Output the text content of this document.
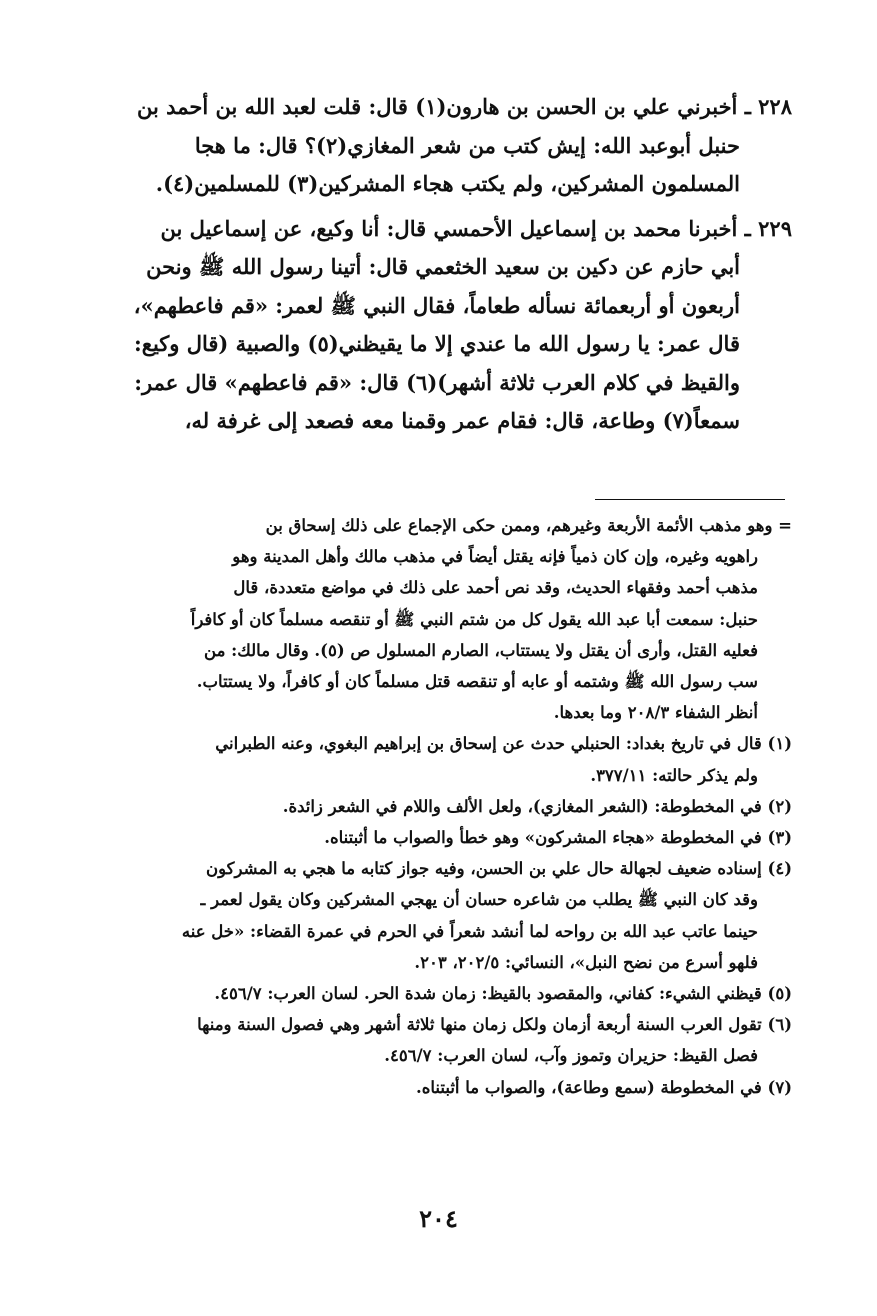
٢٢٨ ـ أخبرني علي بن الحسن بن هارون(١) قال: قلت لعبد الله بن أحمد بن
حنبل أبوعبد الله: إيش كتب من شعر المغازي(٢)؟ قال: ما هجا
المسلمون المشركين، ولم يكتب هجاء المشركين(٣) للمسلمين(٤).
٢٢٩ ـ أخبرنا محمد بن إسماعيل الأحمسي قال: أنا وكيع، عن إسماعيل بن
أبي حازم عن دكين بن سعيد الخثعمي قال: أتينا رسول الله ﷺ ونحن
أربعون أو أربعمائة نسأله طعاماً، فقال النبي ﷺ لعمر: «قم فاعطهم»،
قال عمر: يا رسول الله ما عندي إلا ما يقيظني(٥) والصبية (قال وكيع:
والقيظ في كلام العرب ثلاثة أشهر)(٦) قال: «قم فاعطهم» قال عمر:
سمعاً(٧) وطاعة، قال: فقام عمر وقمنا معه فصعد إلى غرفة له،
= وهو مذهب الأئمة الأربعة وغيرهم، وممن حكى الإجماع على ذلك إسحاق بن
راهويه وغيره، وإن كان ذمياً فإنه يقتل أيضاً في مذهب مالك وأهل المدينة وهو
مذهب أحمد وفقهاء الحديث، وقد نص أحمد على ذلك في مواضع متعددة، قال
حنبل: سمعت أبا عبد الله يقول كل من شتم النبي ﷺ أو تنقصه مسلماً كان أو كافراً
فعليه القتل، وأرى أن يقتل ولا يستتاب، الصارم المسلول ص (٥). وقال مالك: من
سب رسول الله ﷺ وشتمه أو عابه أو تنقصه قتل مسلماً كان أو كافراً، ولا يستتاب.
أنظر الشفاء ٢٠٨/٣ وما بعدها.
(١) قال في تاريخ بغداد: الحنبلي حدث عن إسحاق بن إبراهيم البغوي، وعنه الطبراني
ولم يذكر حالته: ٣٧٧/١١.
(٢) في المخطوطة: (الشعر المغازي)، ولعل الألف واللام في الشعر زائدة.
(٣) في المخطوطة «هجاء المشركون» وهو خطأ والصواب ما أثبتناه.
(٤) إسناده ضعيف لجهالة حال علي بن الحسن، وفيه جواز كتابه ما هجي به المشركون
وقد كان النبي ﷺ يطلب من شاعره حسان أن يهجي المشركين وكان يقول لعمر ـ
حينما عاتب عبد الله بن رواحه لما أنشد شعراً في الحرم في عمرة القضاء: «خل عنه
فلهو أسرع من نضح النبل»، النسائي: ٢٠٢/٥، ٢٠٣.
(٥) قيظني الشيء: كفاني، والمقصود بالقيظ: زمان شدة الحر. لسان العرب: ٤٥٦/٧.
(٦) تقول العرب السنة أربعة أزمان ولكل زمان منها ثلاثة أشهر وهي فصول السنة ومنها
فصل القيظ: حزيران وتموز وآب، لسان العرب: ٤٥٦/٧.
(٧) في المخطوطة (سمع وطاعة)، والصواب ما أثبتناه.
٢٠٤
